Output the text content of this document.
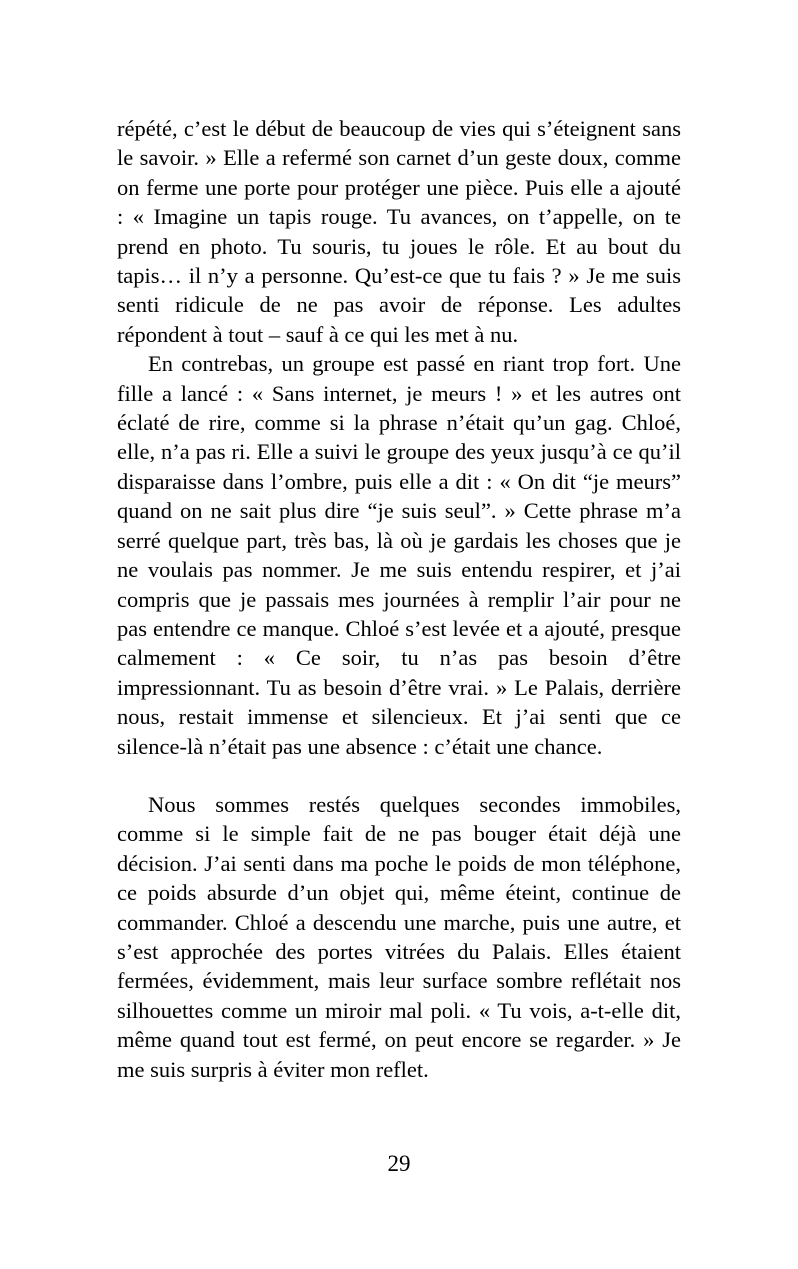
répété, c’est le début de beaucoup de vies qui s’éteignent sans le savoir. » Elle a refermé son carnet d’un geste doux, comme on ferme une porte pour protéger une pièce. Puis elle a ajouté : « Imagine un tapis rouge. Tu avances, on t’appelle, on te prend en photo. Tu souris, tu joues le rôle. Et au bout du tapis… il n’y a personne. Qu’est-ce que tu fais ? » Je me suis senti ridicule de ne pas avoir de réponse. Les adultes répondent à tout – sauf à ce qui les met à nu.

En contrebas, un groupe est passé en riant trop fort. Une fille a lancé : « Sans internet, je meurs ! » et les autres ont éclaté de rire, comme si la phrase n’était qu’un gag. Chloé, elle, n’a pas ri. Elle a suivi le groupe des yeux jusqu’à ce qu’il disparaisse dans l’ombre, puis elle a dit : « On dit “je meurs” quand on ne sait plus dire “je suis seul”. » Cette phrase m’a serré quelque part, très bas, là où je gardais les choses que je ne voulais pas nommer. Je me suis entendu respirer, et j’ai compris que je passais mes journées à remplir l’air pour ne pas entendre ce manque. Chloé s’est levée et a ajouté, presque calmement : « Ce soir, tu n’as pas besoin d’être impressionnant. Tu as besoin d’être vrai. » Le Palais, derrière nous, restait immense et silencieux. Et j’ai senti que ce silence-là n’était pas une absence : c’était une chance.

Nous sommes restés quelques secondes immobiles, comme si le simple fait de ne pas bouger était déjà une décision. J’ai senti dans ma poche le poids de mon téléphone, ce poids absurde d’un objet qui, même éteint, continue de commander. Chloé a descendu une marche, puis une autre, et s’est approchée des portes vitrées du Palais. Elles étaient fermées, évidemment, mais leur surface sombre reflétait nos silhouettes comme un miroir mal poli. « Tu vois, a-t-elle dit, même quand tout est fermé, on peut encore se regarder. » Je me suis surpris à éviter mon reflet.

29
